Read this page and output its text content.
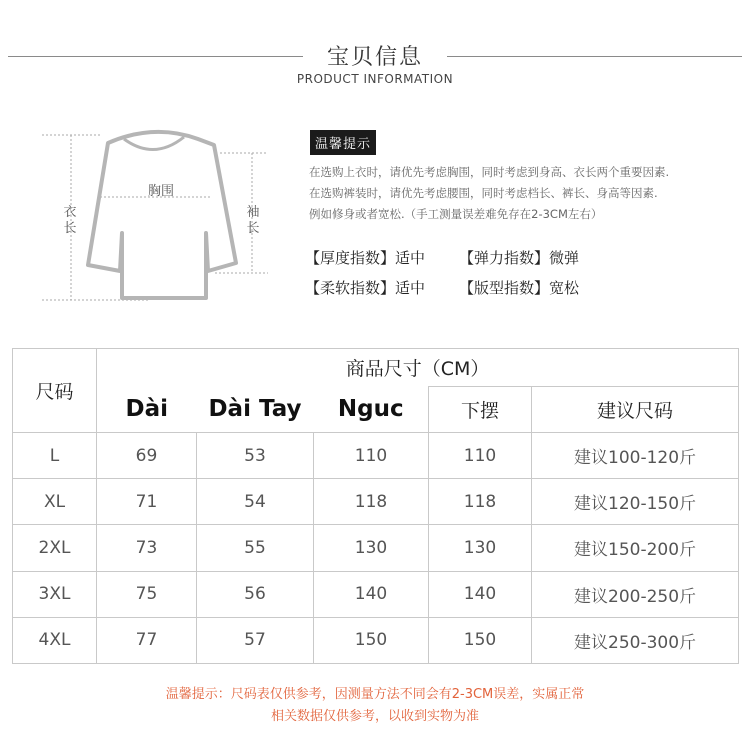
宝贝信息
PRODUCT INFORMATION
胸围
衣长
袖长
温馨提示
在选购上衣时，请优先考虑胸围，同时考虑到身高、衣长两个重要因素.
在选购裤装时，请优先考虑腰围，同时考虑档长、裤长、身高等因素.
例如修身或者宽松.（手工测量误差难免存在2-3CM左右）
【厚度指数】适中 【弹力指数】微弹
【柔软指数】适中 【版型指数】宽松
尺码	商品尺寸（CM）				
	Dài	Dài Tay	Nguc	下摆	建议尺码
L	69	53	110	110	建议100-120斤
XL	71	54	118	118	建议120-150斤
2XL	73	55	130	130	建议150-200斤
3XL	75	56	140	140	建议200-250斤
4XL	77	57	150	150	建议250-300斤
温馨提示：尺码表仅供参考，因测量方法不同会有2-3CM误差，实属正常
相关数据仅供参考，以收到实物为准
